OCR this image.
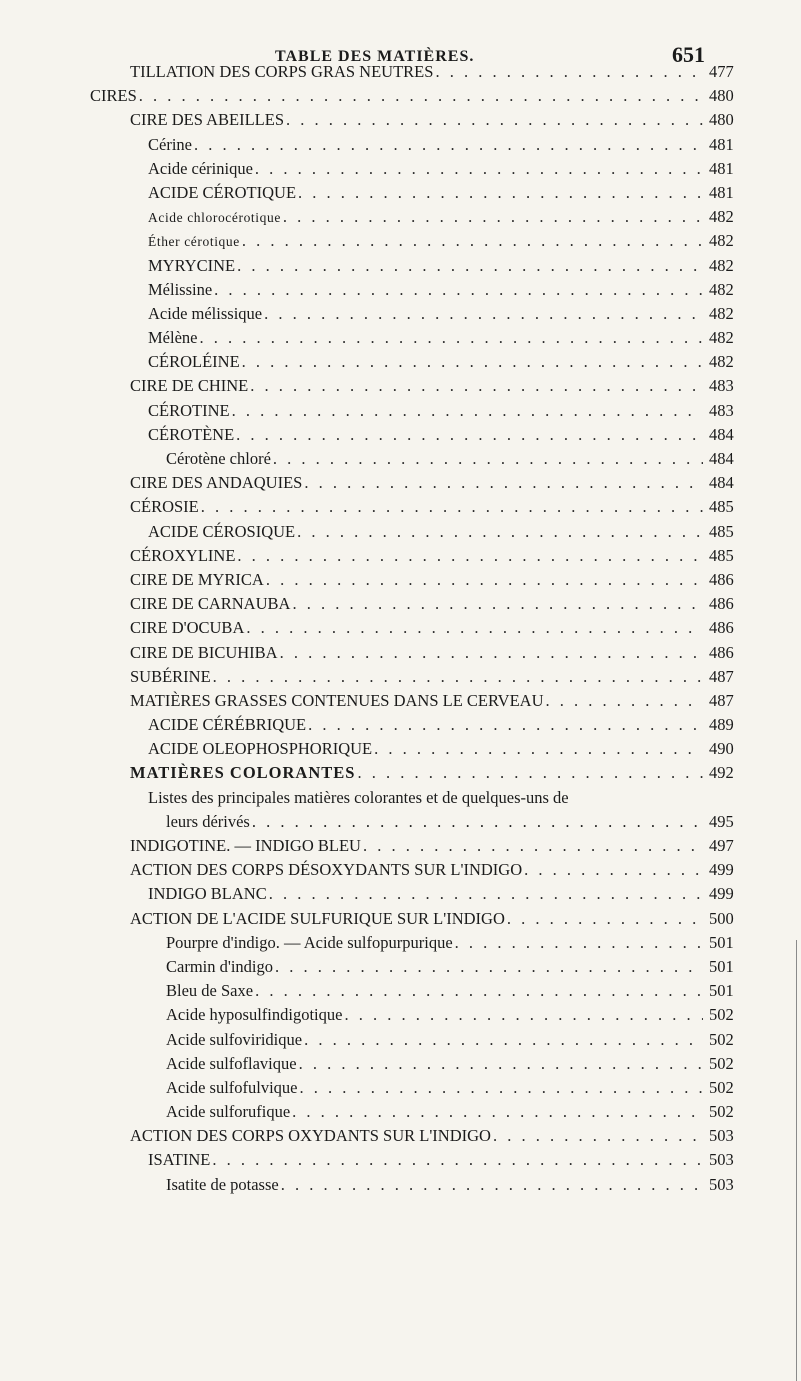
TABLE DES MATIÈRES.	651
TILLATION DES CORPS GRAS NEUTRES . . .	477
CIRES . . .	480
CIRE DES ABEILLES . . .	480
Cérine . . .	481
Acide cérinique . . .	481
ACIDE CÉROTIQUE . . .	481
Acide chlorocérotique . . .	482
Éther cérotique . . .	482
MYRYCINE . . .	482
Mélissine . . .	482
Acide mélissique . . .	482
Mélène . . .	482
CÉROLÉINE . . .	482
CIRE DE CHINE . . .	483
CÉROTINE . . .	483
CÉROTÈNE . . .	484
Cérotène chloré . . .	484
CIRE DES ANDAQUIES . . .	484
CÉROSIE . . .	485
ACIDE CÉROSIQUE . . .	485
CÉROXYLINE . . .	485
CIRE DE MYRICA . . .	486
CIRE DE CARNAUBA . . .	486
CIRE D'OCUBA . . .	486
CIRE DE BICUHIBA . . .	486
SUBÉRINE . . .	487
MATIÈRES GRASSES CONTENUES DANS LE CERVEAU . . .	487
ACIDE CÉRÉBRIQUE . . .	489
ACIDE OLEOPHOSPHORIQUE . . .	490
MATIÈRES COLORANTES . . .	492
Listes des principales matières colorantes et de quelques-uns de
leurs dérivés . . .	495
INDIGOTINE. — INDIGO BLEU . . .	497
ACTION DES CORPS DÉSOXYDANTS SUR L'INDIGO . . .	499
INDIGO BLANC . . .	499
ACTION DE L'ACIDE SULFURIQUE SUR L'INDIGO . . .	500
Pourpre d'indigo. — Acide sulfopurpurique . . .	501
Carmin d'indigo . . .	501
Bleu de Saxe . . .	501
Acide hyposulfindigotique . . .	502
Acide sulfoviridique . . .	502
Acide sulfoflavique . . .	502
Acide sulfofulvique . . .	502
Acide sulforufique . . .	502
ACTION DES CORPS OXYDANTS SUR L'INDIGO . . .	503
ISATINE . . .	503
Isatite de potasse . . .	503
